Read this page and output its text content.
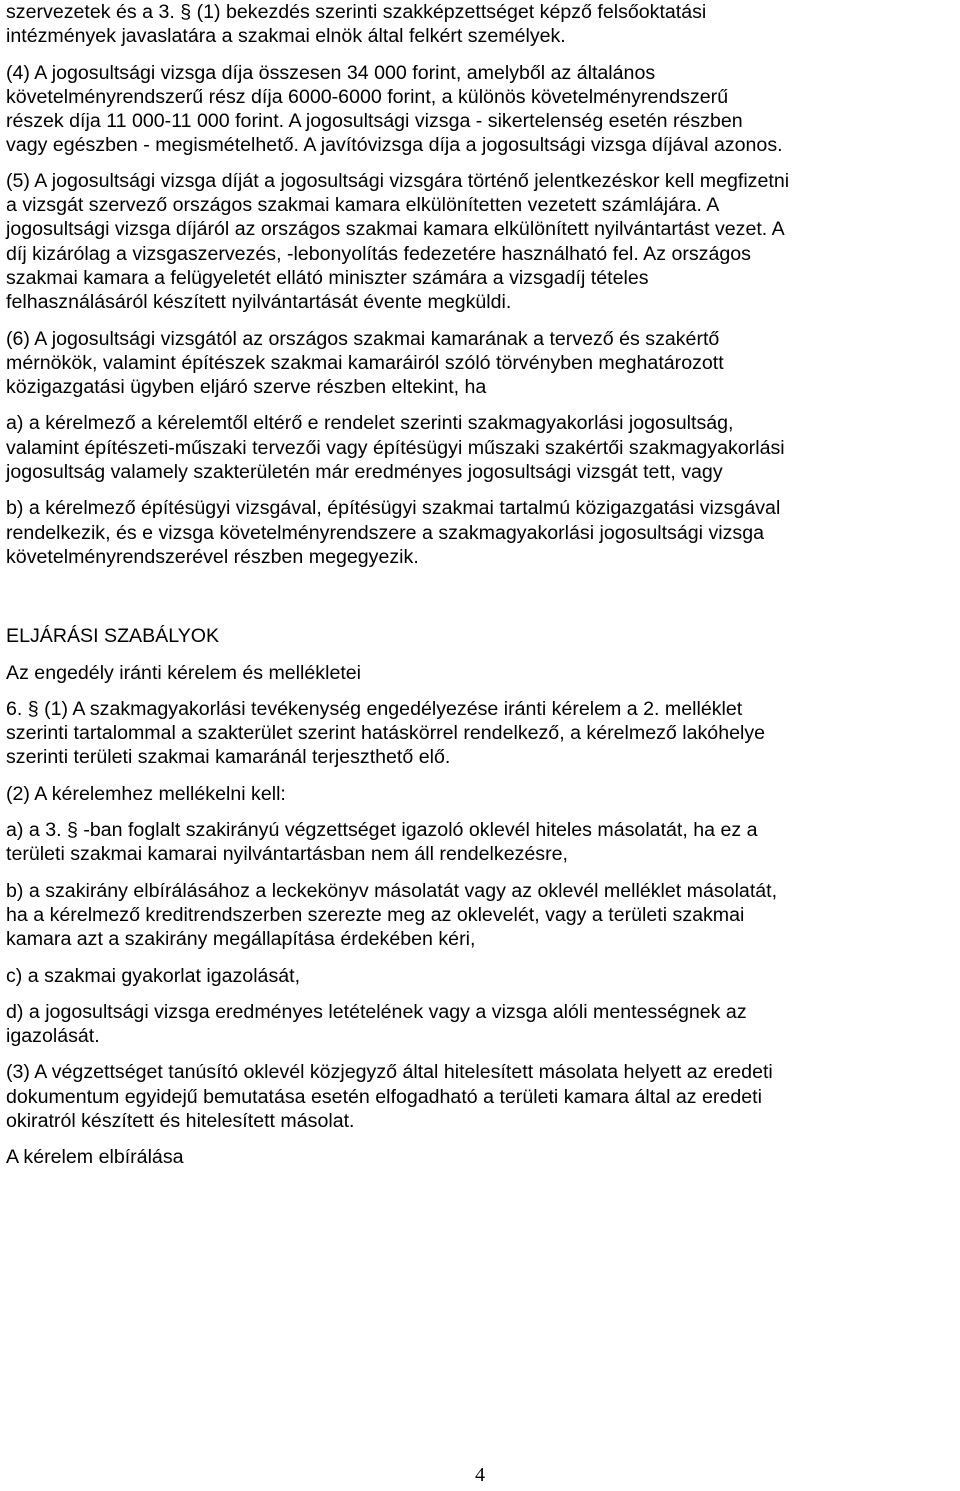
szervezetek és a 3. § (1) bekezdés szerinti szakképzettséget képző felsőoktatási
intézmények javaslatára a szakmai elnök által felkért személyek.

(4) A jogosultsági vizsga díja összesen 34 000 forint, amelyből az általános
követelményrendszerű rész díja 6000-6000 forint, a különös követelményrendszerű
részek díja 11 000-11 000 forint. A jogosultsági vizsga - sikertelenség esetén részben
vagy egészben - megismételhető. A javítóvizsga díja a jogosultsági vizsga díjával azonos.

(5) A jogosultsági vizsga díját a jogosultsági vizsgára történő jelentkezéskor kell megfizetni
a vizsgát szervező országos szakmai kamara elkülönítetten vezetett számlájára. A
jogosultsági vizsga díjáról az országos szakmai kamara elkülönített nyilvántartást vezet. A
díj kizárólag a vizsgaszervezés, -lebonyolítás fedezetére használható fel. Az országos
szakmai kamara a felügyeletét ellátó miniszter számára a vizsgadíj tételes
felhasználásáról készített nyilvántartását évente megküldi.

(6) A jogosultsági vizsgától az országos szakmai kamarának a tervező és szakértő
mérnökök, valamint építészek szakmai kamaráiról szóló törvényben meghatározott
közigazgatási ügyben eljáró szerve részben eltekint, ha

a) a kérelmező a kérelemtől eltérő e rendelet szerinti szakmagyakorlási jogosultság,
valamint építészeti-műszaki tervezői vagy építésügyi műszaki szakértői szakmagyakorlási
jogosultság valamely szakterületén már eredményes jogosultsági vizsgát tett, vagy

b) a kérelmező építésügyi vizsgával, építésügyi szakmai tartalmú közigazgatási vizsgával
rendelkezik, és e vizsga követelményrendszere a szakmagyakorlási jogosultsági vizsga
követelményrendszerével részben megegyezik.

ELJÁRÁSI SZABÁLYOK

Az engedély iránti kérelem és mellékletei

6. § (1) A szakmagyakorlási tevékenység engedélyezése iránti kérelem a 2. melléklet
szerinti tartalommal a szakterület szerint hatáskörrel rendelkező, a kérelmező lakóhelye
szerinti területi szakmai kamaránál terjeszthető elő.

(2) A kérelemhez mellékelni kell:

a) a 3. § -ban foglalt szakirányú végzettséget igazoló oklevél hiteles másolatát, ha ez a
területi szakmai kamarai nyilvántartásban nem áll rendelkezésre,

b) a szakirány elbírálásához a leckekönyv másolatát vagy az oklevél melléklet másolatát,
ha a kérelmező kreditrendszerben szerezte meg az oklevelét, vagy a területi szakmai
kamara azt a szakirány megállapítása érdekében kéri,

c) a szakmai gyakorlat igazolását,

d) a jogosultsági vizsga eredményes letételének vagy a vizsga alóli mentességnek az
igazolását.

(3) A végzettséget tanúsító oklevél közjegyző által hitelesített másolata helyett az eredeti
dokumentum egyidejű bemutatása esetén elfogadható a területi kamara által az eredeti
okiratról készített és hitelesített másolat.

A kérelem elbírálása

4
